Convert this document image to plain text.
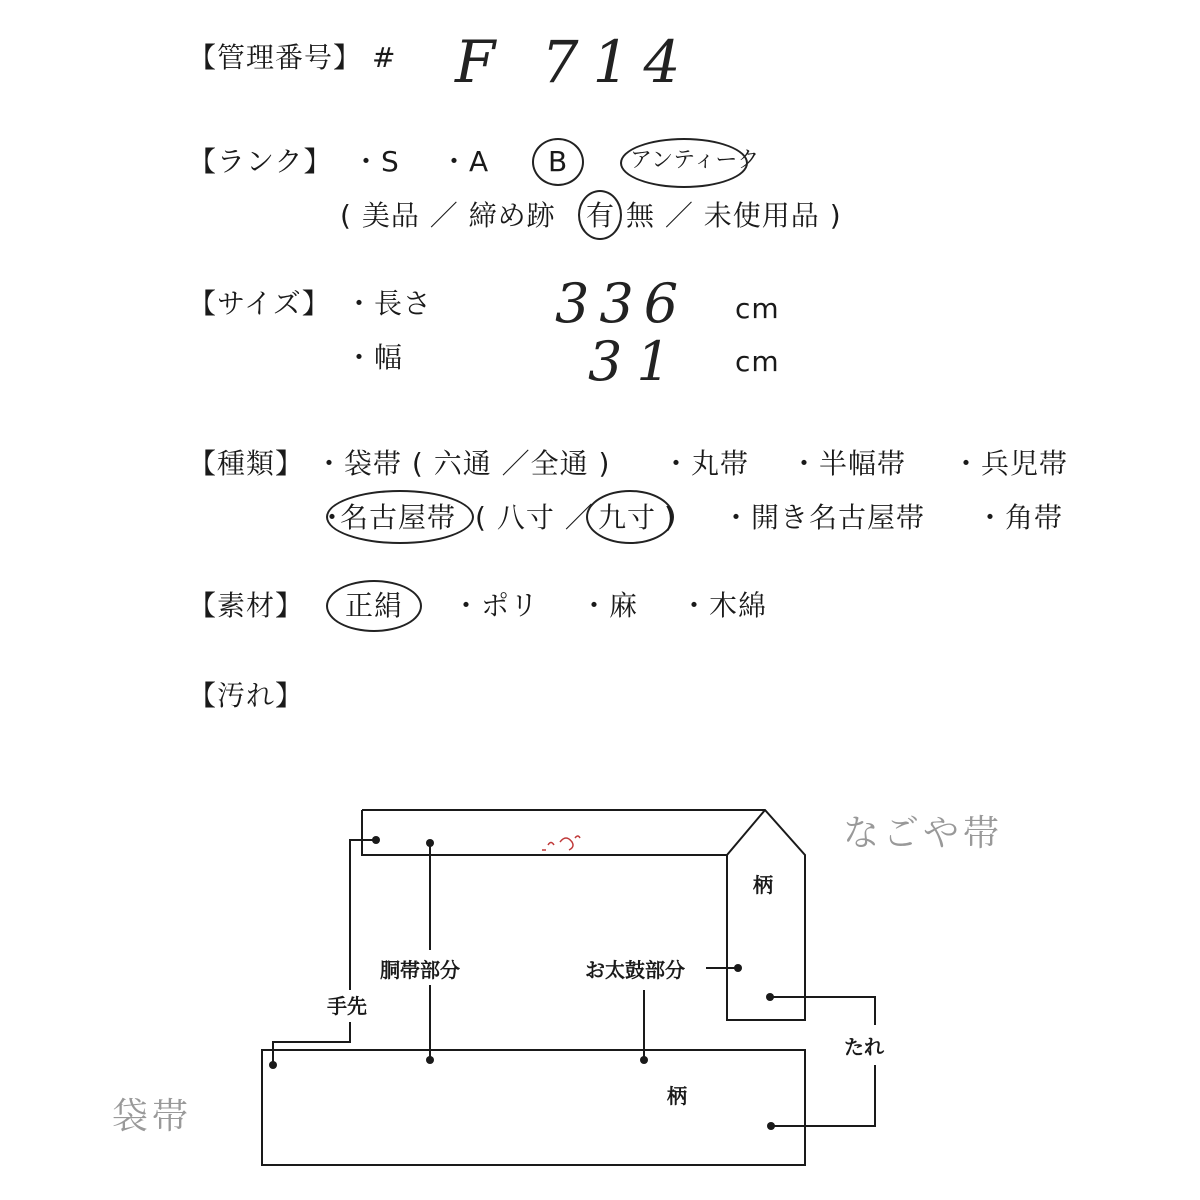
【管理番号】 # F 714
【ランク】 ・S ・A B	アンティーク
( 美品 ／ 締め跡 有 無 ／ 未使用品 )
【サイズ】 ・長さ 336 cm
・幅	31 cm
【種類】 ・袋帯 ( 六通 ／全通 ) ・丸帯 ・半幅帯 ・兵児帯
・
名古屋帯 ( 八寸 ／ 九寸 ) ・開き名古屋帯 ・角帯
【素材】 正絹 ・ポリ ・麻 ・木綿
【汚れ】
柄
柄
胴帯部分	お太鼓部分
手先
たれ
なごや帯
袋帯
